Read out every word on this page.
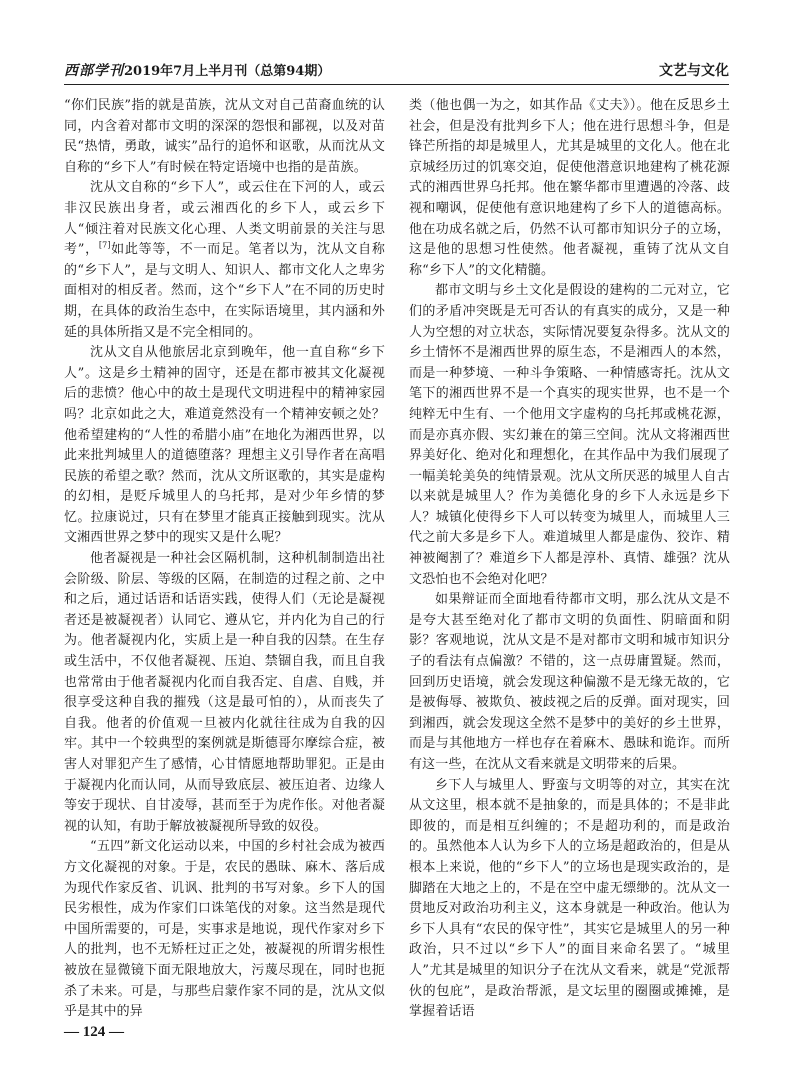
西部学刊2019年7月上半月刊（总第94期）	文艺与文化

“你们民族”指的就是苗族，沈从文对自己苗裔血统的认同，内含着对都市文明的深深的怨恨和鄙视，以及对苗民“热情，勇敢，诚实”品行的追怀和讴歌，从而沈从文自称的“乡下人”有时候在特定语境中也指的是苗族。

沈从文自称的“乡下人”，或云住在下河的人，或云非汉民族出身者，或云湘西化的乡下人，或云乡下人“倾注着对民族文化心理、人类文明前景的关注与思考”，[7]如此等等，不一而足。笔者以为，沈从文自称的“乡下人”，是与文明人、知识人、都市文化人之卑劣面相对的相反者。然而，这个“乡下人”在不同的历史时期，在具体的政治生态中，在实际语境里，其内涵和外延的具体所指又是不完全相同的。

沈从文自从他旅居北京到晚年，他一直自称“乡下人”。这是乡土精神的固守，还是在都市被其文化凝视后的悲愤？他心中的故土是现代文明进程中的精神家园吗？北京如此之大，难道竟然没有一个精神安顿之处？他希望建构的“人性的希腊小庙”在地化为湘西世界，以此来批判城里人的道德堕落？理想主义引导作者在高唱民族的希望之歌？然而，沈从文所讴歌的，其实是虚构的幻相，是贬斥城里人的乌托邦，是对少年乡情的梦忆。拉康说过，只有在梦里才能真正接触到现实。沈从文湘西世界之梦中的现实又是什么呢？

他者凝视是一种社会区隔机制，这种机制制造出社会阶级、阶层、等级的区隔，在制造的过程之前、之中和之后，通过话语和话语实践，使得人们（无论是凝视者还是被凝视者）认同它、遵从它，并内化为自己的行为。他者凝视内化，实质上是一种自我的囚禁。在生存或生活中，不仅他者凝视、压迫、禁锢自我，而且自我也常常由于他者凝视内化而自我否定、自虐、自贱，并很享受这种自我的摧残（这是最可怕的），从而丧失了自我。他者的价值观一旦被内化就往往成为自我的囚牢。其中一个较典型的案例就是斯德哥尔摩综合症，被害人对罪犯产生了感情，心甘情愿地帮助罪犯。正是由于凝视内化而认同，从而导致底层、被压迫者、边缘人等安于现状、自甘凌辱，甚而至于为虎作伥。对他者凝视的认知，有助于解放被凝视所导致的奴役。

“五四”新文化运动以来，中国的乡村社会成为被西方文化凝视的对象。于是，农民的愚昧、麻木、落后成为现代作家反省、讥讽、批判的书写对象。乡下人的国民劣根性，成为作家们口诛笔伐的对象。这当然是现代中国所需要的，可是，实事求是地说，现代作家对乡下人的批判，也不无矫枉过正之处，被凝视的所谓劣根性被放在显微镜下面无限地放大，污蔑尽现在，同时也扼杀了未来。可是，与那些启蒙作家不同的是，沈从文似乎是其中的异

类（他也偶一为之，如其作品《丈夫》）。他在反思乡土社会，但是没有批判乡下人；他在进行思想斗争，但是锋芒所指的却是城里人，尤其是城里的文化人。他在北京城经历过的饥寒交迫，促使他潜意识地建构了桃花源式的湘西世界乌托邦。他在繁华都市里遭遇的冷落、歧视和嘲讽，促使他有意识地建构了乡下人的道德高标。他在功成名就之后，仍然不认可都市知识分子的立场，这是他的思想习性使然。他者凝视，重铸了沈从文自称“乡下人”的文化精髓。

都市文明与乡土文化是假设的建构的二元对立，它们的矛盾冲突既是无可否认的有真实的成分，又是一种人为空想的对立状态，实际情况要复杂得多。沈从文的乡土情怀不是湘西世界的原生态，不是湘西人的本然，而是一种梦境、一种斗争策略、一种情感寄托。沈从文笔下的湘西世界不是一个真实的现实世界，也不是一个纯粹无中生有、一个他用文字虚构的乌托邦或桃花源，而是亦真亦假、实幻兼在的第三空间。沈从文将湘西世界美好化、绝对化和理想化，在其作品中为我们展现了一幅美轮美奂的纯情景观。沈从文所厌恶的城里人自古以来就是城里人？作为美德化身的乡下人永远是乡下人？城镇化使得乡下人可以转变为城里人，而城里人三代之前大多是乡下人。难道城里人都是虚伪、狡诈、精神被阉割了？难道乡下人都是淳朴、真情、雄强？沈从文恐怕也不会绝对化吧？

如果辩证而全面地看待都市文明，那么沈从文是不是夸大甚至绝对化了都市文明的负面性、阴暗面和阴影？客观地说，沈从文是不是对都市文明和城市知识分子的看法有点偏激？不错的，这一点毋庸置疑。然而，回到历史语境，就会发现这种偏激不是无缘无故的，它是被侮辱、被欺负、被歧视之后的反弹。面对现实，回到湘西，就会发现这全然不是梦中的美好的乡土世界，而是与其他地方一样也存在着麻木、愚昧和诡诈。而所有这一些，在沈从文看来就是文明带来的后果。

乡下人与城里人、野蛮与文明等的对立，其实在沈从文这里，根本就不是抽象的，而是具体的；不是非此即彼的，而是相互纠缠的；不是超功利的，而是政治的。虽然他本人认为乡下人的立场是超政治的，但是从根本上来说，他的“乡下人”的立场也是现实政治的，是脚踏在大地之上的，不是在空中虚无缥缈的。沈从文一贯地反对政治功利主义，这本身就是一种政治。他认为乡下人具有“农民的保守性”，其实它是城里人的另一种政治，只不过以“乡下人”的面目来命名罢了。“城里人”尤其是城里的知识分子在沈从文看来，就是“党派帮伙的包庇”，是政治帮派，是文坛里的圈圈或摊摊，是掌握着话语

— 124 —
